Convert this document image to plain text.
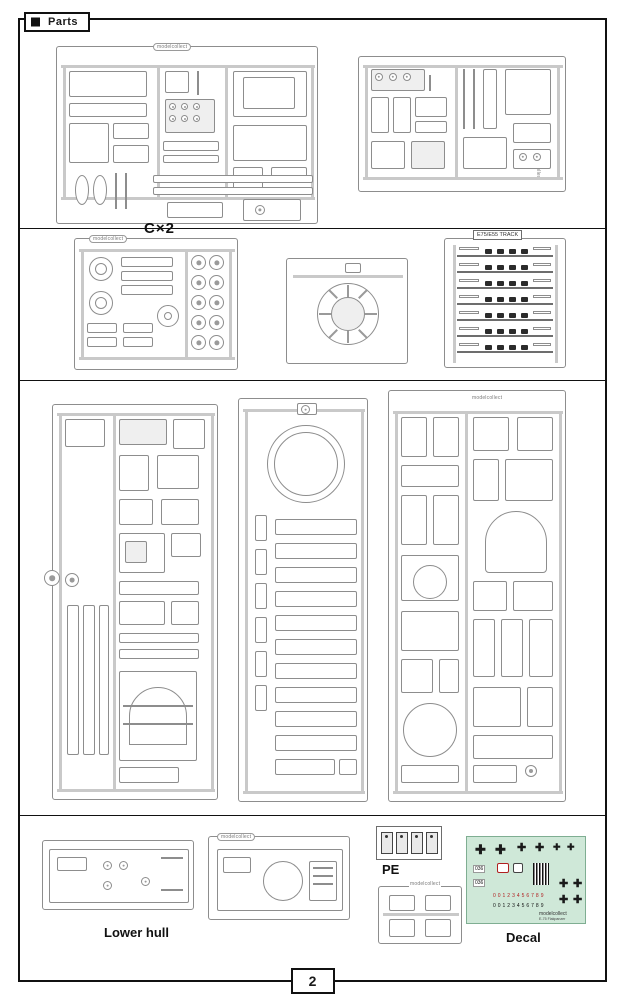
Parts
modelcollect
modelcollect
C×2	E75/E55 TRACK
modelcollect
Lower hull
modelcollect
modelcollect
PE
✚ ✚ ✚ ✚ ✚ ✚
✚ ✚
✚ ✚
036
036
0 0 1 2 3 4 5 6 7 8 9
0 0 1 2 3 4 5 6 7 8 9
modelcollect
E-75 Flakpanzer
Decal
2
